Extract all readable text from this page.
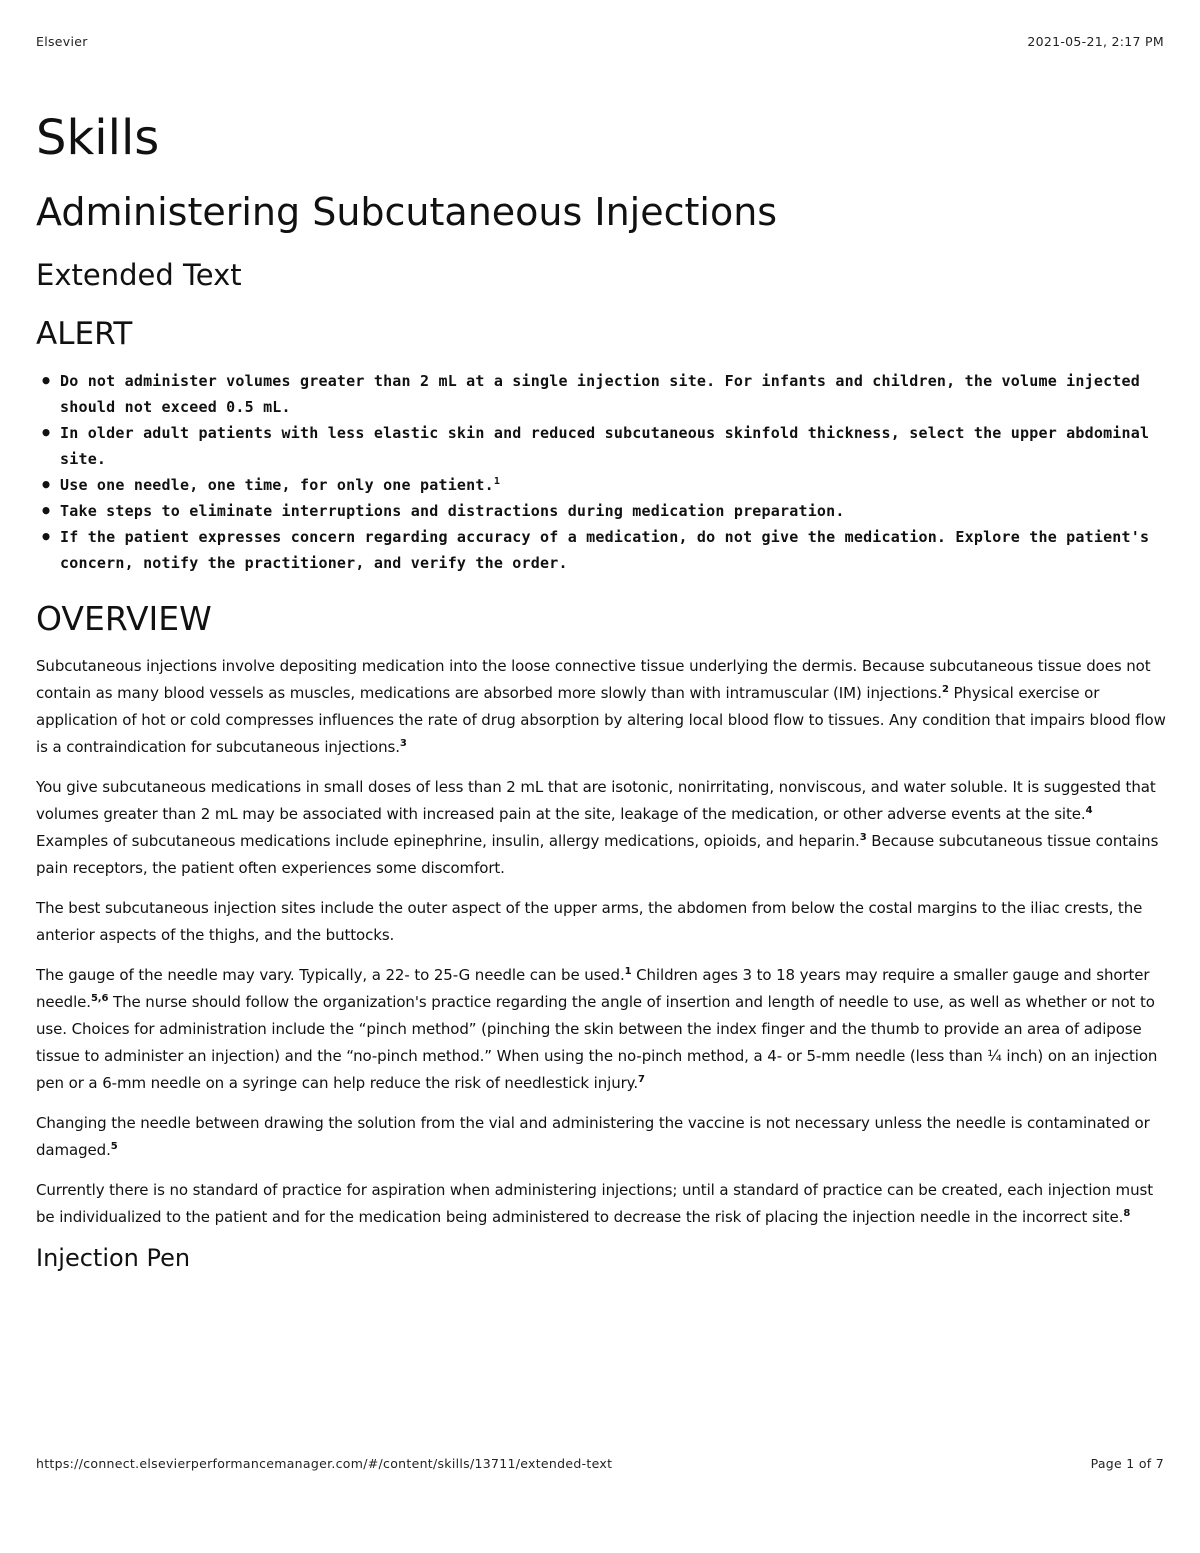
Elsevier	2021-05-21, 2:17 PM
Skills
Administering Subcutaneous Injections
Extended Text
ALERT
• Do not administer volumes greater than 2 mL at a single injection site. For infants and children, the volume injected should not exceed 0.5 mL.
• In older adult patients with less elastic skin and reduced subcutaneous skinfold thickness, select the upper abdominal site.
• Use one needle, one time, for only one patient.$^1$
• Take steps to eliminate interruptions and distractions during medication preparation.
• If the patient expresses concern regarding accuracy of a medication, do not give the medication. Explore the patient's concern, notify the practitioner, and verify the order.
OVERVIEW

Subcutaneous injections involve depositing medication into the loose connective tissue underlying the dermis. Because subcutaneous tissue does not contain as many blood vessels as muscles, medications are absorbed more slowly than with intramuscular (IM) injections.$^2$ Physical exercise or application of hot or cold compresses influences the rate of drug absorption by altering local blood flow to tissues. Any condition that impairs blood flow is a contraindication for subcutaneous injections.$^3$

You give subcutaneous medications in small doses of less than 2 mL that are isotonic, nonirritating, nonviscous, and water soluble. It is suggested that volumes greater than 2 mL may be associated with increased pain at the site, leakage of the medication, or other adverse events at the site.$^4$ Examples of subcutaneous medications include epinephrine, insulin, allergy medications, opioids, and heparin.$^3$ Because subcutaneous tissue contains pain receptors, the patient often experiences some discomfort.

The best subcutaneous injection sites include the outer aspect of the upper arms, the abdomen from below the costal margins to the iliac crests, the anterior aspects of the thighs, and the buttocks.

The gauge of the needle may vary. Typically, a 22- to 25-G needle can be used.$^1$ Children ages 3 to 18 years may require a smaller gauge and shorter needle.$^{5,6}$ The nurse should follow the organization's practice regarding the angle of insertion and length of needle to use, as well as whether or not to use. Choices for administration include the “pinch method” (pinching the skin between the index finger and the thumb to provide an area of adipose tissue to administer an injection) and the “no-pinch method.” When using the no-pinch method, a 4- or 5-mm needle (less than ¼ inch) on an injection pen or a 6-mm needle on a syringe can help reduce the risk of needlestick injury.$^7$

Changing the needle between drawing the solution from the vial and administering the vaccine is not necessary unless the needle is contaminated or damaged.$^5$

Currently there is no standard of practice for aspiration when administering injections; until a standard of practice can be created, each injection must be individualized to the patient and for the medication being administered to decrease the risk of placing the injection needle in the incorrect site.$^8$

Injection Pen
https://connect.elsevierperformancemanager.com/#/content/skills/13711/extended-text	Page 1 of 7
